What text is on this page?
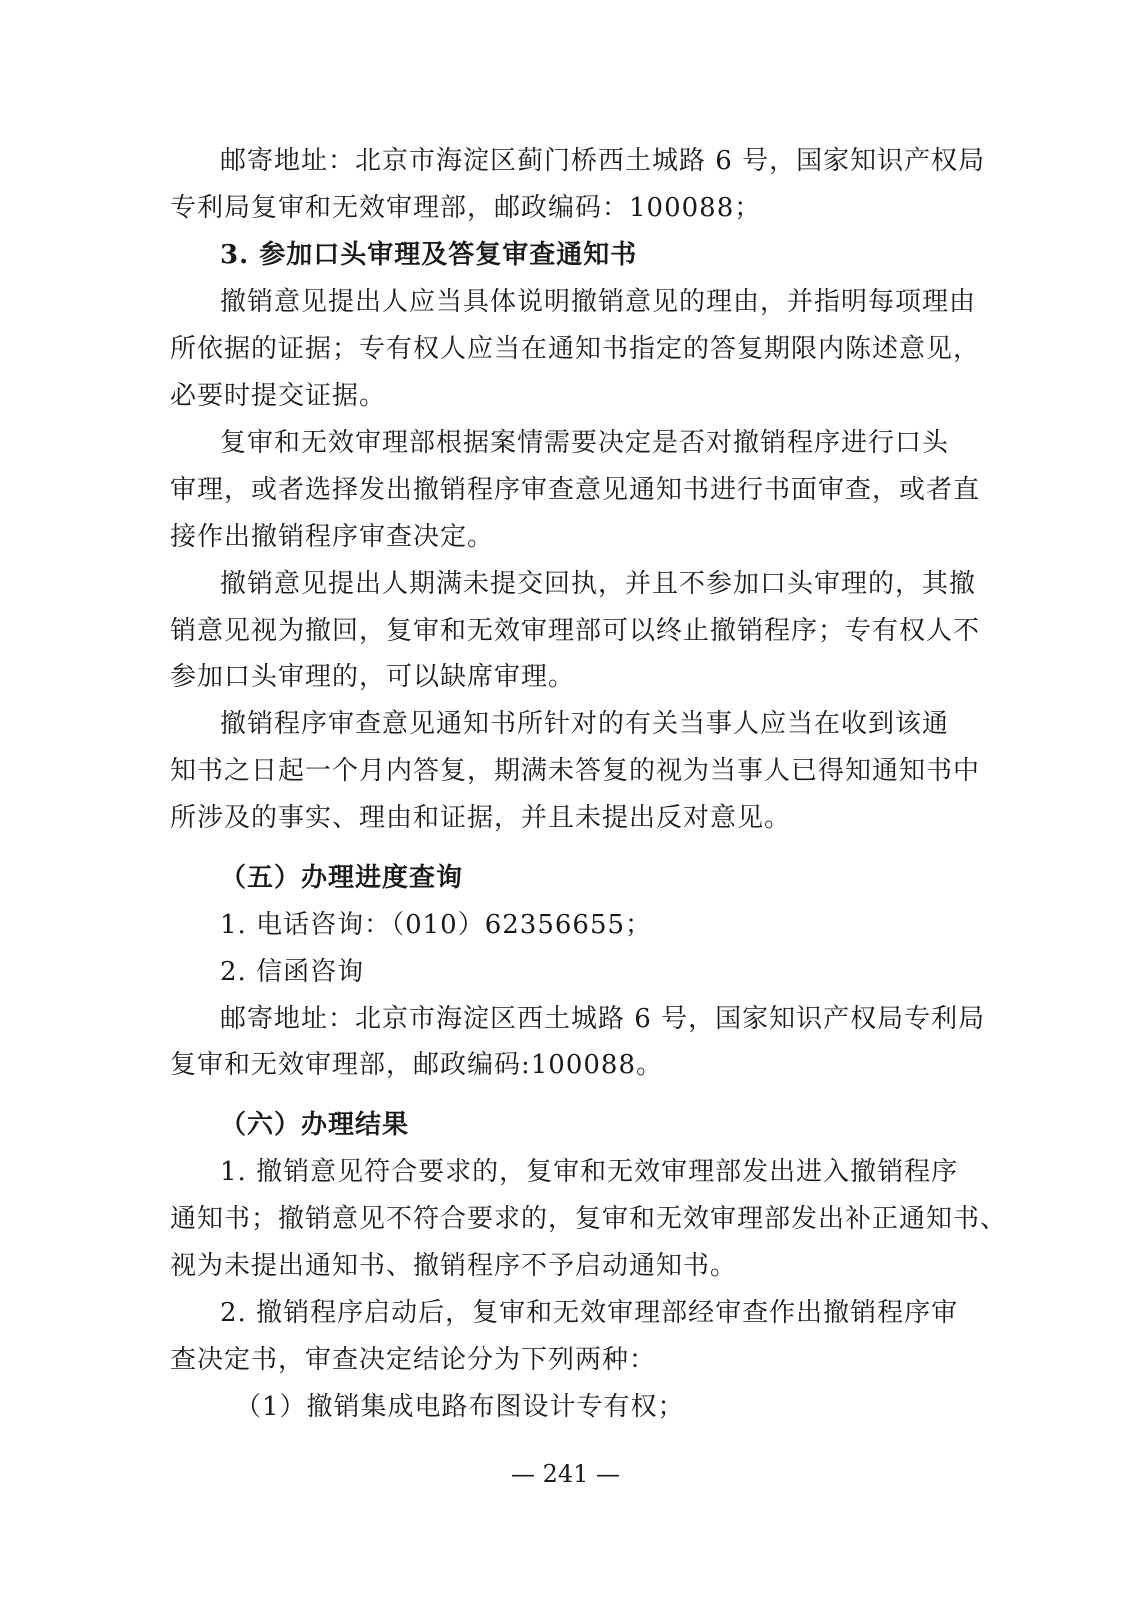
邮寄地址：北京市海淀区蓟门桥西土城路 6 号，国家知识产权局
专利局复审和无效审理部，邮政编码：100088；
3. 参加口头审理及答复审查通知书
撤销意见提出人应当具体说明撤销意见的理由，并指明每项理由
所依据的证据；专有权人应当在通知书指定的答复期限内陈述意见，
必要时提交证据。
复审和无效审理部根据案情需要决定是否对撤销程序进行口头
审理，或者选择发出撤销程序审查意见通知书进行书面审查，或者直
接作出撤销程序审查决定。
撤销意见提出人期满未提交回执，并且不参加口头审理的，其撤
销意见视为撤回，复审和无效审理部可以终止撤销程序；专有权人不
参加口头审理的，可以缺席审理。
撤销程序审查意见通知书所针对的有关当事人应当在收到该通
知书之日起一个月内答复，期满未答复的视为当事人已得知通知书中
所涉及的事实、理由和证据，并且未提出反对意见。
（五）办理进度查询
1. 电话咨询：（010）62356655；
2. 信函咨询
邮寄地址：北京市海淀区西土城路 6 号，国家知识产权局专利局
复审和无效审理部，邮政编码:100088。
（六）办理结果
1. 撤销意见符合要求的，复审和无效审理部发出进入撤销程序
通知书；撤销意见不符合要求的，复审和无效审理部发出补正通知书、
视为未提出通知书、撤销程序不予启动通知书。
2. 撤销程序启动后，复审和无效审理部经审查作出撤销程序审
查决定书，审查决定结论分为下列两种：
（1）撤销集成电路布图设计专有权；
— 241 —
